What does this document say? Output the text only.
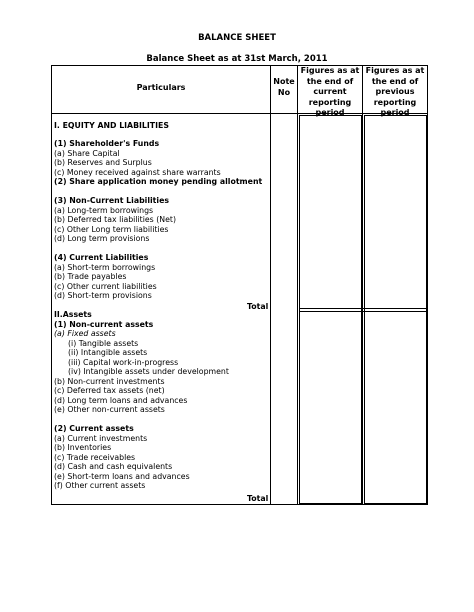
BALANCE SHEET
Balance Sheet as at 31st March, 2011
Particulars
Note No
Figures as at the end of current reporting period
Figures as at the end of previous reporting period
I. EQUITY AND LIABILITIES
(1) Shareholder's Funds
(a) Share Capital
(b) Reserves and Surplus
(c) Money received against share warrants
(2) Share application money pending allotment
(3) Non-Current Liabilities
(a) Long-term borrowings
(b) Deferred tax liabilities (Net)
(c) Other Long term liabilities
(d) Long term provisions
(4) Current Liabilities
(a) Short-term borrowings
(b) Trade payables
(c) Other current liabilities
(d) Short-term provisions
II.Assets
(1) Non-current assets
(a) Fixed assets
(i) Tangible assets
(ii) Intangible assets
(iii) Capital work-in-progress
(iv) Intangible assets under development
(b) Non-current investments
(c) Deferred tax assets (net)
(d) Long term loans and advances
(e) Other non-current assets
(2) Current assets
(a) Current investments
(b) Inventories
(c) Trade receivables
(d) Cash and cash equivalents
(e) Short-term loans and advances
(f) Other current assets
Total
Total
